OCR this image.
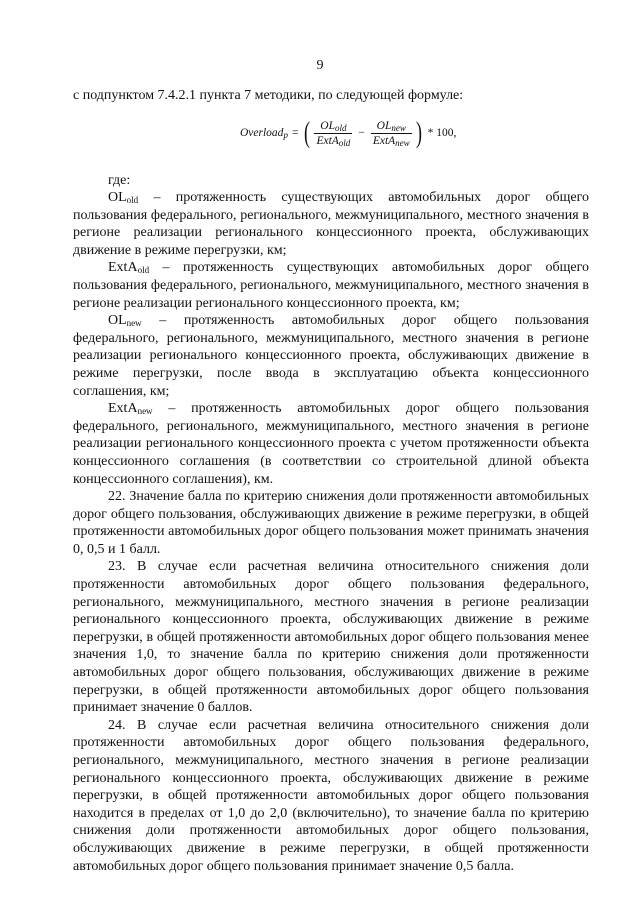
9
с подпунктом 7.4.2.1 пункта 7 методики, по следующей формуле:
Overload$_p$ = ( $\frac{OL_{old}}{ExtA_{old}} - \frac{OL_{new}}{ExtA_{new}}$ ) * 100,
где:

$OL_{old}$ – протяженность существующих автомобильных дорог общего пользования федерального, регионального, межмуниципального, местного значения в регионе реализации регионального концессионного проекта, обслуживающих движение в режиме перегрузки, км;

ExtA$_{old}$ – протяженность существующих автомобильных дорог общего пользования федерального, регионального, межмуниципального, местного значения в регионе реализации регионального концессионного проекта, км;

$OL_{new}$ – протяженность автомобильных дорог общего пользования федерального, регионального, межмуниципального, местного значения в регионе реализации регионального концессионного проекта, обслуживающих движение в режиме перегрузки, после ввода в эксплуатацию объекта концессионного соглашения, км;

ExtA$_{new}$ – протяженность автомобильных дорог общего пользования федерального, регионального, межмуниципального, местного значения в регионе реализации регионального концессионного проекта с учетом протяженности объекта концессионного соглашения (в соответствии со строительной длиной объекта концессионного соглашения), км.

22. Значение балла по критерию снижения доли протяженности автомобильных дорог общего пользования, обслуживающих движение в режиме перегрузки, в общей протяженности автомобильных дорог общего пользования может принимать значения 0, 0,5 и 1 балл.

23. В случае если расчетная величина относительного снижения доли протяженности автомобильных дорог общего пользования федерального, регионального, межмуниципального, местного значения в регионе реализации регионального концессионного проекта, обслуживающих движение в режиме перегрузки, в общей протяженности автомобильных дорог общего пользования менее значения 1,0, то значение балла по критерию снижения доли протяженности автомобильных дорог общего пользования, обслуживающих движение в режиме перегрузки, в общей протяженности автомобильных дорог общего пользования принимает значение 0 баллов.

24. В случае если расчетная величина относительного снижения доли протяженности автомобильных дорог общего пользования федерального, регионального, межмуниципального, местного значения в регионе реализации регионального концессионного проекта, обслуживающих движение в режиме перегрузки, в общей протяженности автомобильных дорог общего пользования находится в пределах от 1,0 до 2,0 (включительно), то значение балла по критерию снижения доли протяженности автомобильных дорог общего пользования, обслуживающих движение в режиме перегрузки, в общей протяженности автомобильных дорог общего пользования принимает значение 0,5 балла.
